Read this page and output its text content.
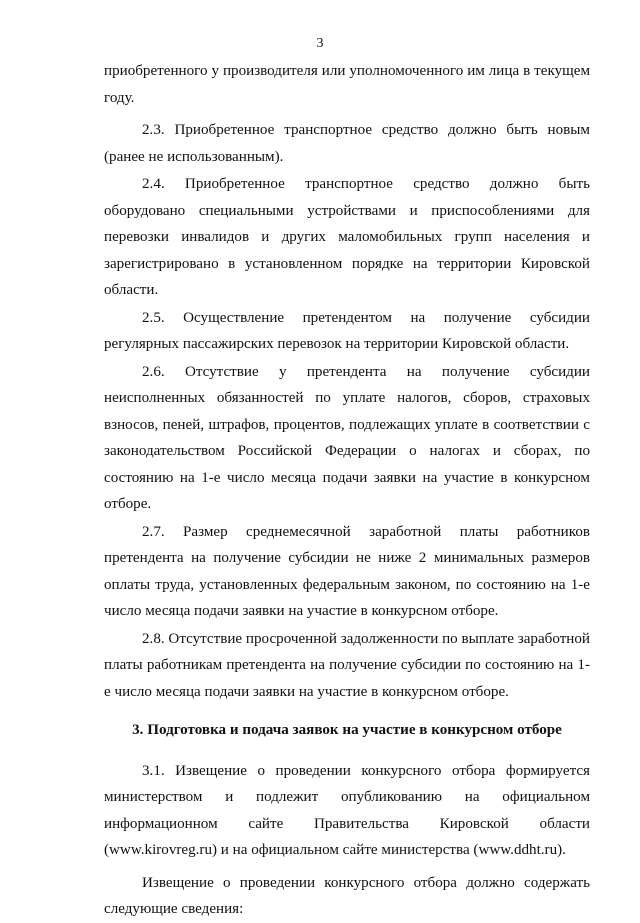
3

приобретенного у производителя или уполномоченного им лица в текущем году.

2.3. Приобретенное транспортное средство должно быть новым (ранее не использованным).

2.4. Приобретенное транспортное средство должно быть оборудовано специальными устройствами и приспособлениями для перевозки инвалидов и других маломобильных групп населения и зарегистрировано в установленном порядке на территории Кировской области.

2.5. Осуществление претендентом на получение субсидии регулярных пассажирских перевозок на территории Кировской области.

2.6. Отсутствие у претендента на получение субсидии неисполненных обязанностей по уплате налогов, сборов, страховых взносов, пеней, штрафов, процентов, подлежащих уплате в соответствии с законодательством Российской Федерации о налогах и сборах, по состоянию на 1-е число месяца подачи заявки на участие в конкурсном отборе.

2.7. Размер среднемесячной заработной платы работников претендента на получение субсидии не ниже 2 минимальных размеров оплаты труда, установленных федеральным законом, по состоянию на 1-е число месяца подачи заявки на участие в конкурсном отборе.

2.8. Отсутствие просроченной задолженности по выплате заработной платы работникам претендента на получение субсидии по состоянию на 1-е число месяца подачи заявки на участие в конкурсном отборе.

3. Подготовка и подача заявок на участие в конкурсном отборе

3.1. Извещение о проведении конкурсного отбора формируется министерством и подлежит опубликованию на официальном информационном сайте Правительства Кировской области (www.kirovreg.ru) и на официальном сайте министерства (www.ddht.ru).

Извещение о проведении конкурсного отбора должно содержать следующие сведения:
